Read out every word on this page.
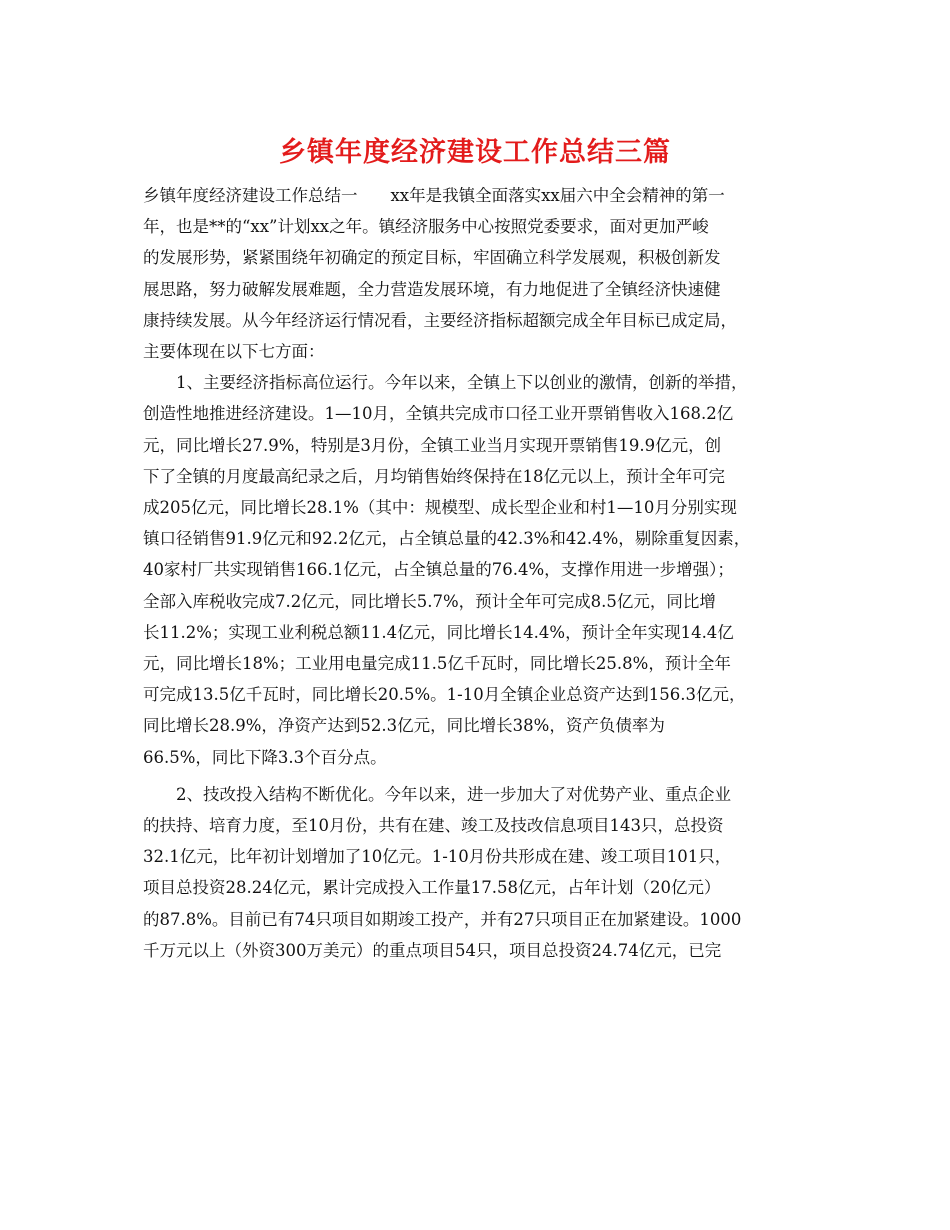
乡镇年度经济建设工作总结三篇

乡镇年度经济建设工作总结一　　xx年是我镇全面落实xx届六中全会精神的第一
年，也是**的“xx”计划xx之年。镇经济服务中心按照党委要求，面对更加严峻
的发展形势，紧紧围绕年初确定的预定目标，牢固确立科学发展观，积极创新发
展思路，努力破解发展难题，全力营造发展环境，有力地促进了全镇经济快速健
康持续发展。从今年经济运行情况看，主要经济指标超额完成全年目标已成定局，
主要体现在以下七方面：

1、主要经济指标高位运行。今年以来，全镇上下以创业的激情，创新的举措，
创造性地推进经济建设。1—10月，全镇共完成市口径工业开票销售收入168.2亿
元，同比增长27.9%，特别是3月份，全镇工业当月实现开票销售19.9亿元，创
下了全镇的月度最高纪录之后，月均销售始终保持在18亿元以上，预计全年可完
成205亿元，同比增长28.1%（其中：规模型、成长型企业和村1—10月分别实现
镇口径销售91.9亿元和92.2亿元，占全镇总量的42.3%和42.4%，剔除重复因素，
40家村厂共实现销售166.1亿元，占全镇总量的76.4%，支撑作用进一步增强）；
全部入库税收完成7.2亿元，同比增长5.7%，预计全年可完成8.5亿元，同比增
长11.2%；实现工业利税总额11.4亿元，同比增长14.4%，预计全年实现14.4亿
元，同比增长18%；工业用电量完成11.5亿千瓦时，同比增长25.8%，预计全年
可完成13.5亿千瓦时，同比增长20.5%。1-10月全镇企业总资产达到156.3亿元，
同比增长28.9%，净资产达到52.3亿元，同比增长38%，资产负债率为
66.5%，同比下降3.3个百分点。

2、技改投入结构不断优化。今年以来，进一步加大了对优势产业、重点企业
的扶持、培育力度，至10月份，共有在建、竣工及技改信息项目143只，总投资
32.1亿元，比年初计划增加了10亿元。1-10月份共形成在建、竣工项目101只，
项目总投资28.24亿元，累计完成投入工作量17.58亿元，占年计划（20亿元）
的87.8%。目前已有74只项目如期竣工投产，并有27只项目正在加紧建设。1000
千万元以上（外资300万美元）的重点项目54只，项目总投资24.74亿元，已完
